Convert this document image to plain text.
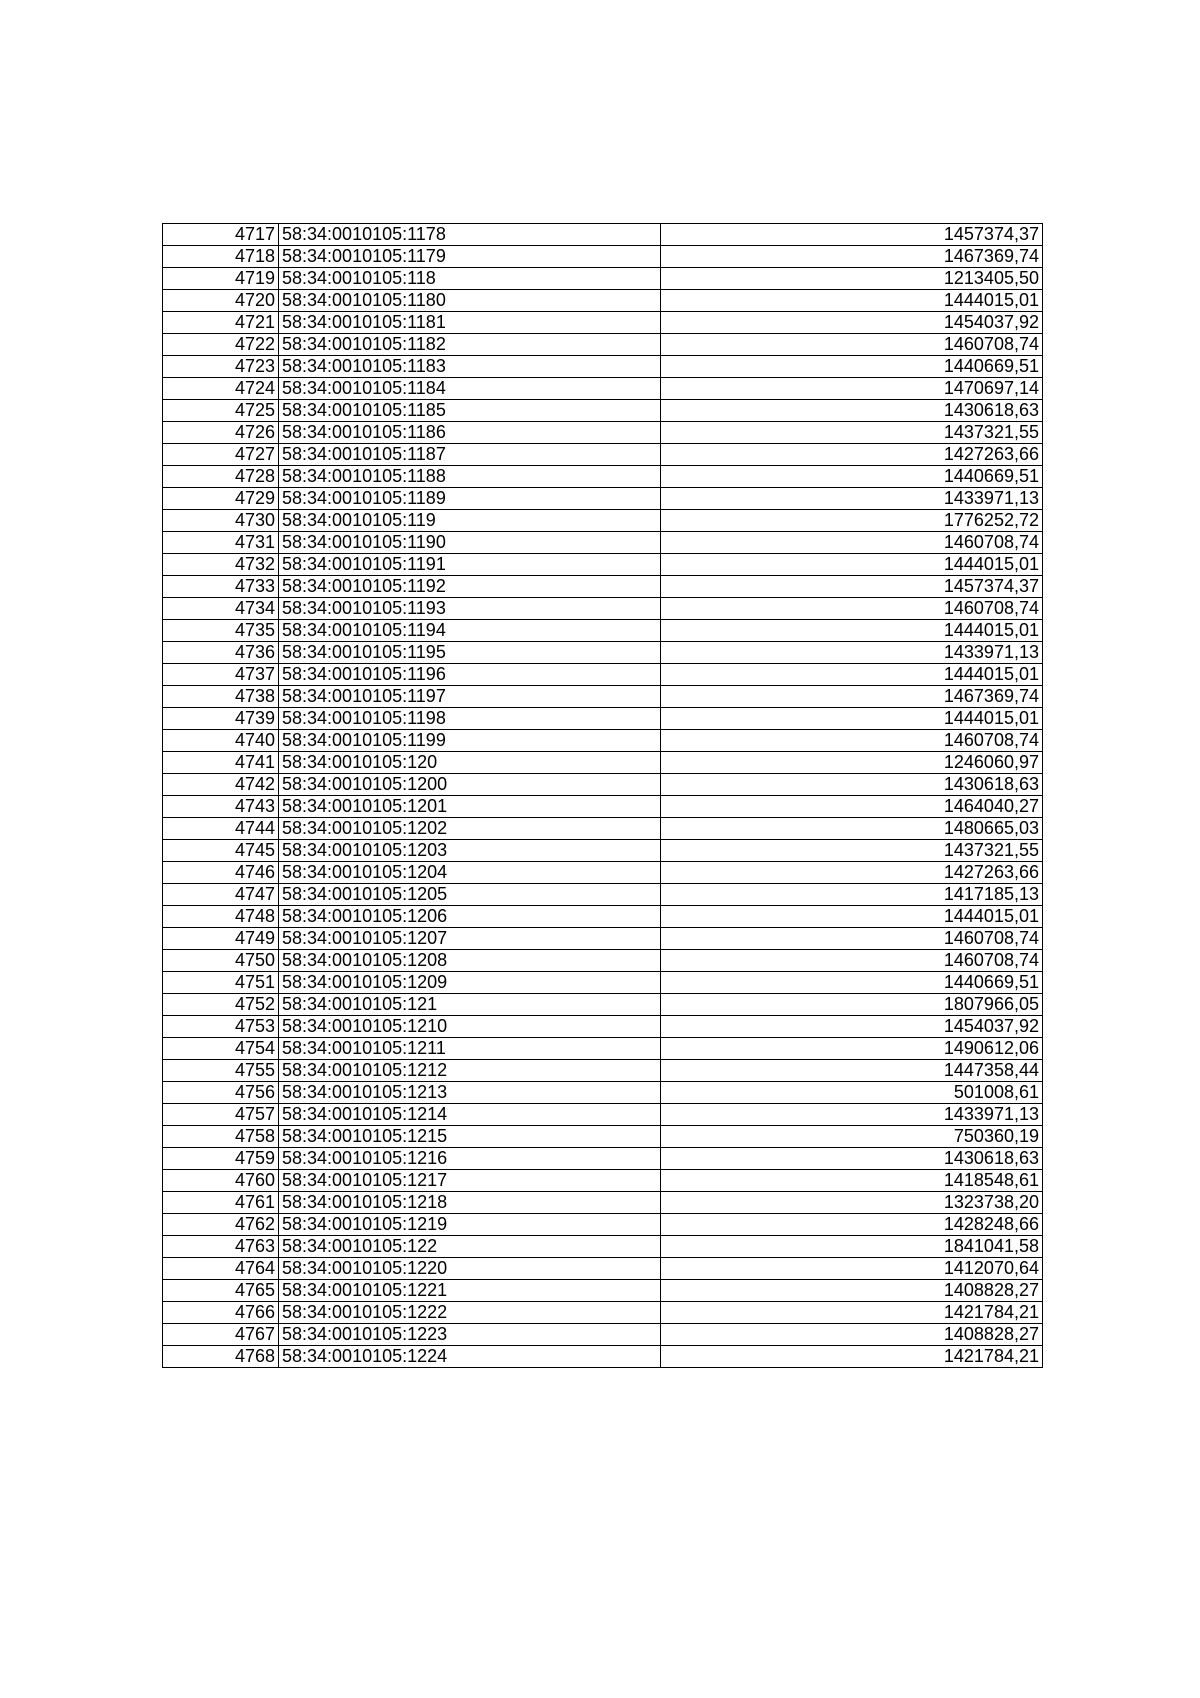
4717	58:34:0010105:1178	1457374,37
4718	58:34:0010105:1179	1467369,74
4719	58:34:0010105:118	1213405,50
4720	58:34:0010105:1180	1444015,01
4721	58:34:0010105:1181	1454037,92
4722	58:34:0010105:1182	1460708,74
4723	58:34:0010105:1183	1440669,51
4724	58:34:0010105:1184	1470697,14
4725	58:34:0010105:1185	1430618,63
4726	58:34:0010105:1186	1437321,55
4727	58:34:0010105:1187	1427263,66
4728	58:34:0010105:1188	1440669,51
4729	58:34:0010105:1189	1433971,13
4730	58:34:0010105:119	1776252,72
4731	58:34:0010105:1190	1460708,74
4732	58:34:0010105:1191	1444015,01
4733	58:34:0010105:1192	1457374,37
4734	58:34:0010105:1193	1460708,74
4735	58:34:0010105:1194	1444015,01
4736	58:34:0010105:1195	1433971,13
4737	58:34:0010105:1196	1444015,01
4738	58:34:0010105:1197	1467369,74
4739	58:34:0010105:1198	1444015,01
4740	58:34:0010105:1199	1460708,74
4741	58:34:0010105:120	1246060,97
4742	58:34:0010105:1200	1430618,63
4743	58:34:0010105:1201	1464040,27
4744	58:34:0010105:1202	1480665,03
4745	58:34:0010105:1203	1437321,55
4746	58:34:0010105:1204	1427263,66
4747	58:34:0010105:1205	1417185,13
4748	58:34:0010105:1206	1444015,01
4749	58:34:0010105:1207	1460708,74
4750	58:34:0010105:1208	1460708,74
4751	58:34:0010105:1209	1440669,51
4752	58:34:0010105:121	1807966,05
4753	58:34:0010105:1210	1454037,92
4754	58:34:0010105:1211	1490612,06
4755	58:34:0010105:1212	1447358,44
4756	58:34:0010105:1213	501008,61
4757	58:34:0010105:1214	1433971,13
4758	58:34:0010105:1215	750360,19
4759	58:34:0010105:1216	1430618,63
4760	58:34:0010105:1217	1418548,61
4761	58:34:0010105:1218	1323738,20
4762	58:34:0010105:1219	1428248,66
4763	58:34:0010105:122	1841041,58
4764	58:34:0010105:1220	1412070,64
4765	58:34:0010105:1221	1408828,27
4766	58:34:0010105:1222	1421784,21
4767	58:34:0010105:1223	1408828,27
4768	58:34:0010105:1224	1421784,21
